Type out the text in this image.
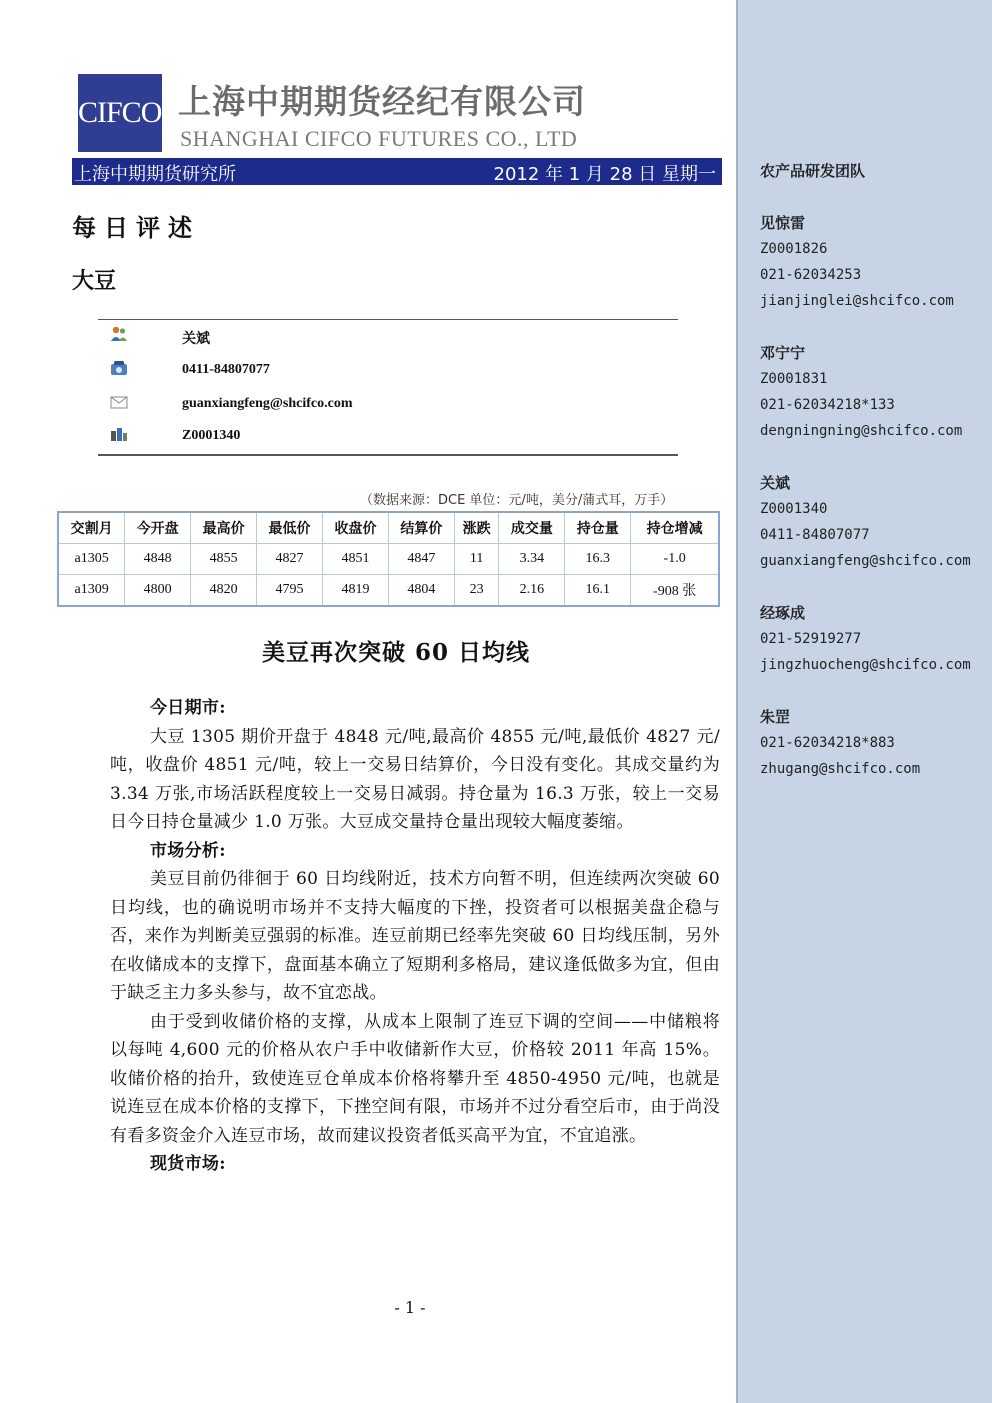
农产品研发团队
见惊雷
Z0001826
021-62034253
jianjinglei@shcifco.com
邓宁宁
Z0001831
021-62034218*133
dengningning@shcifco.com
关斌
Z0001340
0411-84807077
guanxiangfeng@shcifco.com
经琢成
021-52919277
jingzhuocheng@shcifco.com
朱罡
021-62034218*883
zhugang@shcifco.com
CIFCO 上海中期期货经纪有限公司
SHANGHAI CIFCO FUTURES CO., LTD
上海中期期货研究所	2012 年 1 月 28 日 星期一
每日评述
大豆
关斌
0411-84807077
guanxiangfeng@shcifco.com
Z0001340
（数据来源：DCE 单位：元/吨，美分/蒲式耳，万手）
交割月	今开盘	最高价	最低价	收盘价	结算价	涨跌	成交量	持仓量	持仓增减
a1305	4848	4855	4827	4851	4847	11	3.34	16.3	-1.0
a1309	4800	4820	4795	4819	4804	23	2.16	16.1	-908 张
美豆再次突破 60 日均线
今日期市:

大豆 1305 期价开盘于 4848 元/吨,最高价 4855 元/吨,最低价 4827 元/吨，收盘价 4851 元/吨，较上一交易日结算价，今日没有变化。其成交量约为 3.34 万张,市场活跃程度较上一交易日减弱。持仓量为 16.3 万张，较上一交易日今日持仓量减少 1.0 万张。大豆成交量持仓量出现较大幅度萎缩。

市场分析:

美豆目前仍徘徊于 60 日均线附近，技术方向暂不明，但连续两次突破 60 日均线，也的确说明市场并不支持大幅度的下挫，投资者可以根据美盘企稳与否，来作为判断美豆强弱的标准。连豆前期已经率先突破 60 日均线压制，另外在收储成本的支撑下，盘面基本确立了短期利多格局，建议逢低做多为宜，但由于缺乏主力多头参与，故不宜恋战。

由于受到收储价格的支撑，从成本上限制了连豆下调的空间——中储粮将以每吨 4,600 元的价格从农户手中收储新作大豆，价格较 2011 年高 15%。收储价格的抬升，致使连豆仓单成本价格将攀升至 4850-4950 元/吨，也就是说连豆在成本价格的支撑下，下挫空间有限，市场并不过分看空后市，由于尚没有看多资金介入连豆市场，故而建议投资者低买高平为宜，不宜追涨。

现货市场:
- 1 -
